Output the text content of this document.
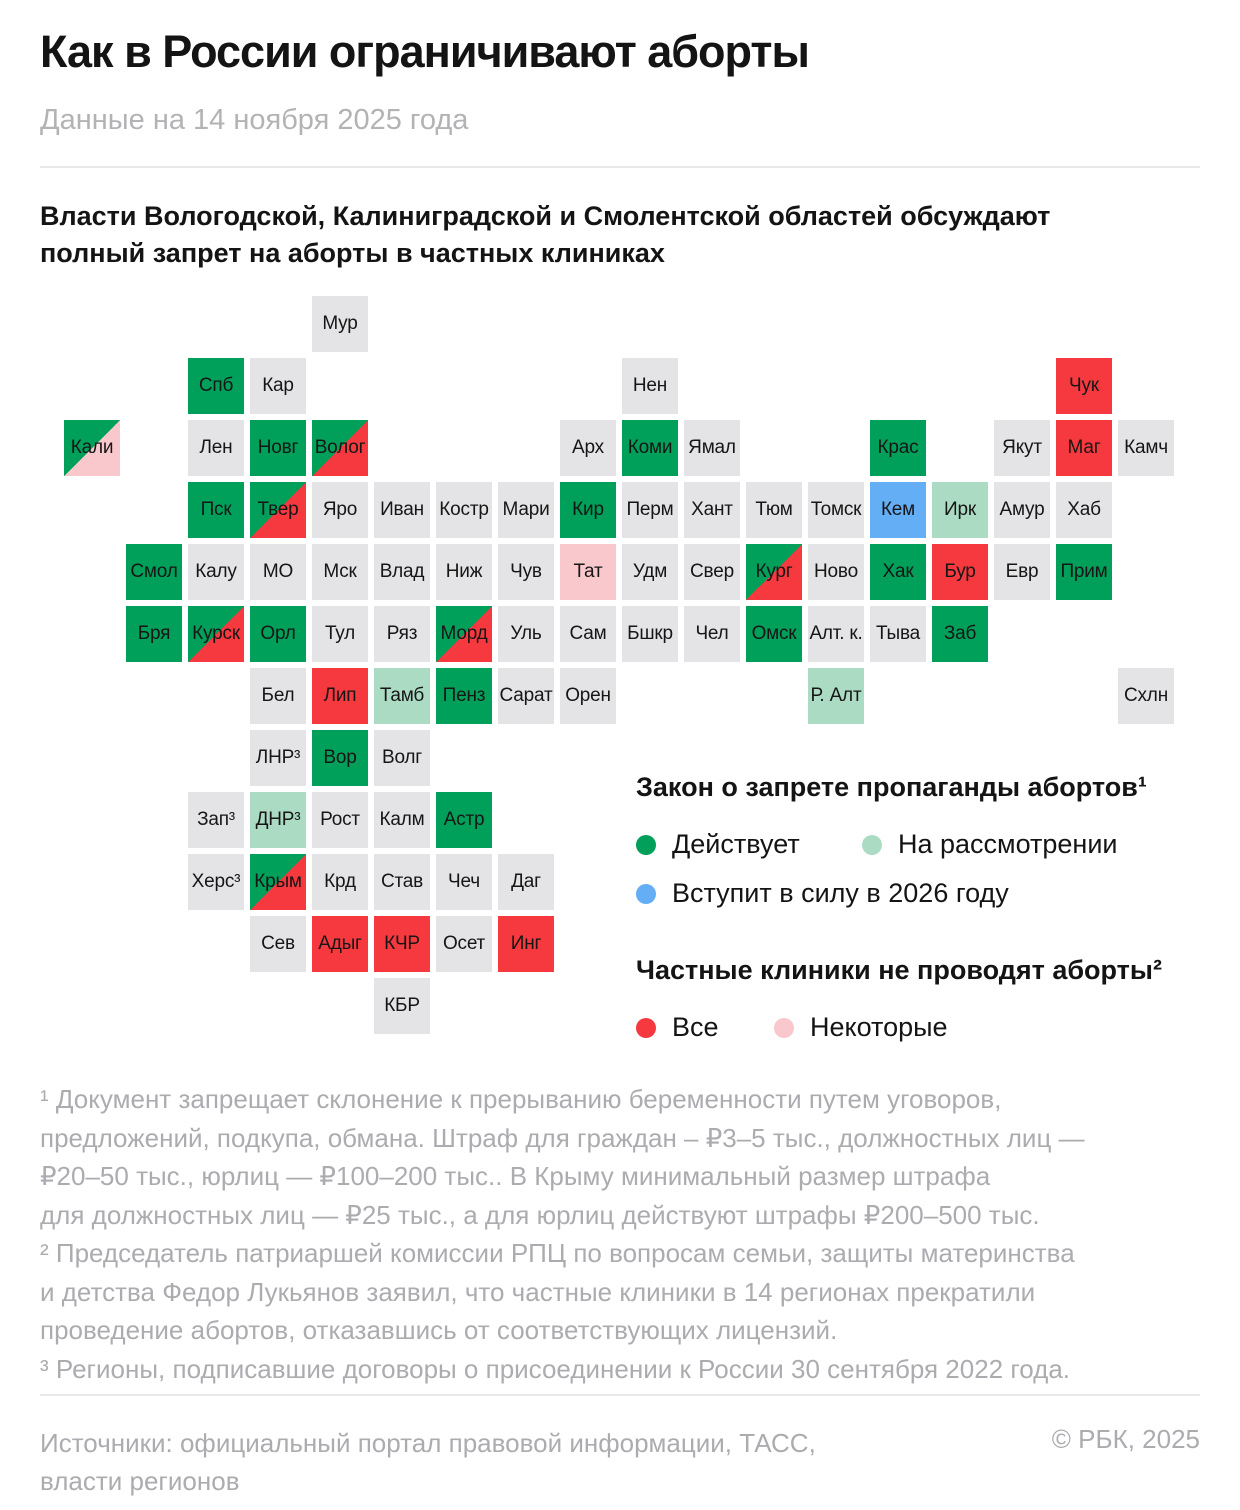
Как в России ограничивают аборты
Данные на 14 ноября 2025 года
Власти Вологодской, Калиниградской и Смолентской областей обсуждают
полный запрет на аборты в частных клиниках
Мур
Спб Кар	Нен	Чук
Кали	Лен Новг Волог	Арх Коми Ямал	Крас	Якут Маг Камч
Пск Твер Яро Иван Костр Мари Кир Перм Хант Тюм Томск Кем Ирк Амур Хаб
Смол Калу МО Мск Влад Ниж Чув Тат Удм Свер Кург Ново Хак Бур Евр Прим
Бря Курск Орл Тул Ряз Морд Уль Сам Бшкр Чел Омск Алт. к. Тыва Заб
Бел Лип Тамб Пенз Сарат Орен	Р. Алт	Схлн
ЛНР³ Вор Волг
Зап³ ДНР³ Рост Калм Астр
Херс³ Крым Крд Став Чеч Даг
Сев Адыг КЧР Осет Инг
КБР
Закон о запрете пропаганды абортов¹
Действует	На рассмотрении
Вступит в силу в 2026 году
Частные клиники не проводят аборты²
Все	Некоторые
¹ Документ запрещает склонение к прерыванию беременности путем уговоров,
предложений, подкупа, обмана. Штраф для граждан – ₽3–5 тыс., должностных лиц —
₽20–50 тыс., юрлиц — ₽100–200 тыс.. В Крыму минимальный размер штрафа
для должностных лиц — ₽25 тыс., а для юрлиц действуют штрафы ₽200–500 тыс.
² Председатель патриаршей комиссии РПЦ по вопросам семьи, защиты материнства
и детства Федор Лукьянов заявил, что частные клиники в 14 регионах прекратили
проведение абортов, отказавшись от соответствующих лицензий.
³ Регионы, подписавшие договоры о присоединении к России 30 сентября 2022 года.
Источники: официальный портал правовой информации, ТАСС,
власти регионов
© РБК, 2025
